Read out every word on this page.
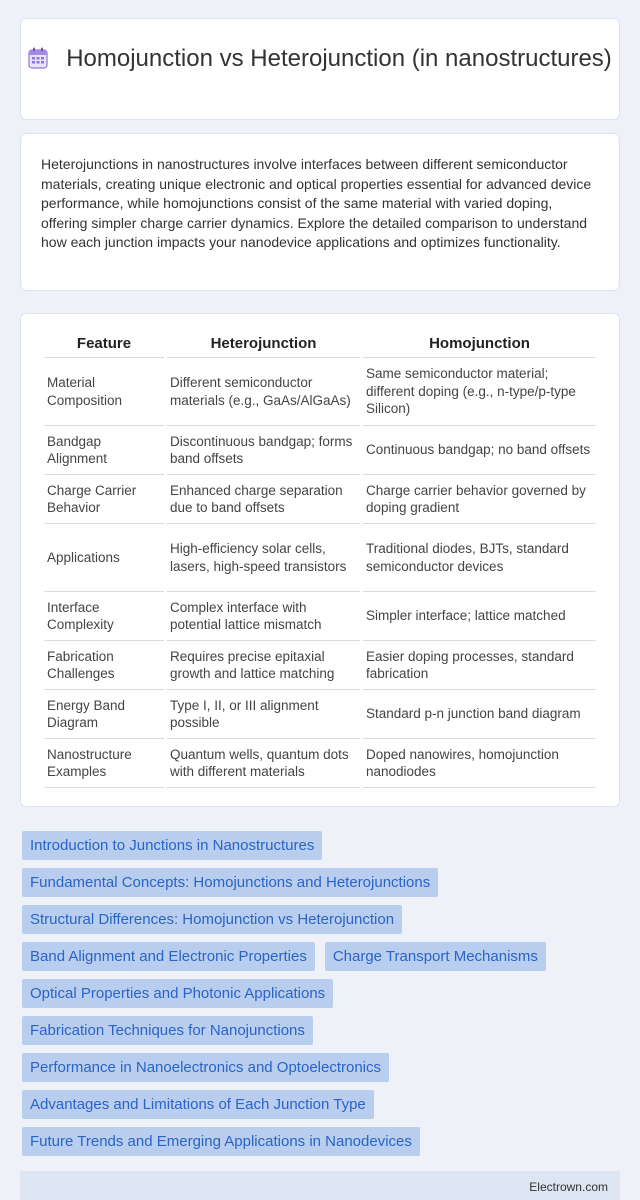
Homojunction vs Heterojunction (in nanostructures)

Heterojunctions in nanostructures involve interfaces between different semiconductor materials, creating unique electronic and optical properties essential for advanced device performance, while homojunctions consist of the same material with varied doping, offering simpler charge carrier dynamics. Explore the detailed comparison to understand how each junction impacts your nanodevice applications and optimizes functionality.

Feature	Heterojunction	Homojunction
Material Composition	Different semiconductor materials (e.g., GaAs/AlGaAs)	Same semiconductor material; different doping (e.g., n-type/p-type Silicon)
Bandgap Alignment	Discontinuous bandgap; forms band offsets	Continuous bandgap; no band offsets
Charge Carrier Behavior	Enhanced charge separation due to band offsets	Charge carrier behavior governed by doping gradient
Applications	High-efficiency solar cells, lasers, high-speed transistors	Traditional diodes, BJTs, standard semiconductor devices
Interface Complexity	Complex interface with potential lattice mismatch	Simpler interface; lattice matched
Fabrication Challenges	Requires precise epitaxial growth and lattice matching	Easier doping processes, standard fabrication
Energy Band Diagram	Type I, II, or III alignment possible	Standard p-n junction band diagram
Nanostructure Examples	Quantum wells, quantum dots with different materials	Doped nanowires, homojunction nanodiodes
Introduction to Junctions in Nanostructures
Fundamental Concepts: Homojunctions and Heterojunctions
Structural Differences: Homojunction vs Heterojunction
Band Alignment and Electronic Properties Charge Transport Mechanisms
Optical Properties and Photonic Applications
Fabrication Techniques for Nanojunctions
Performance in Nanoelectronics and Optoelectronics
Advantages and Limitations of Each Junction Type
Future Trends and Emerging Applications in Nanodevices
Electrown.com
